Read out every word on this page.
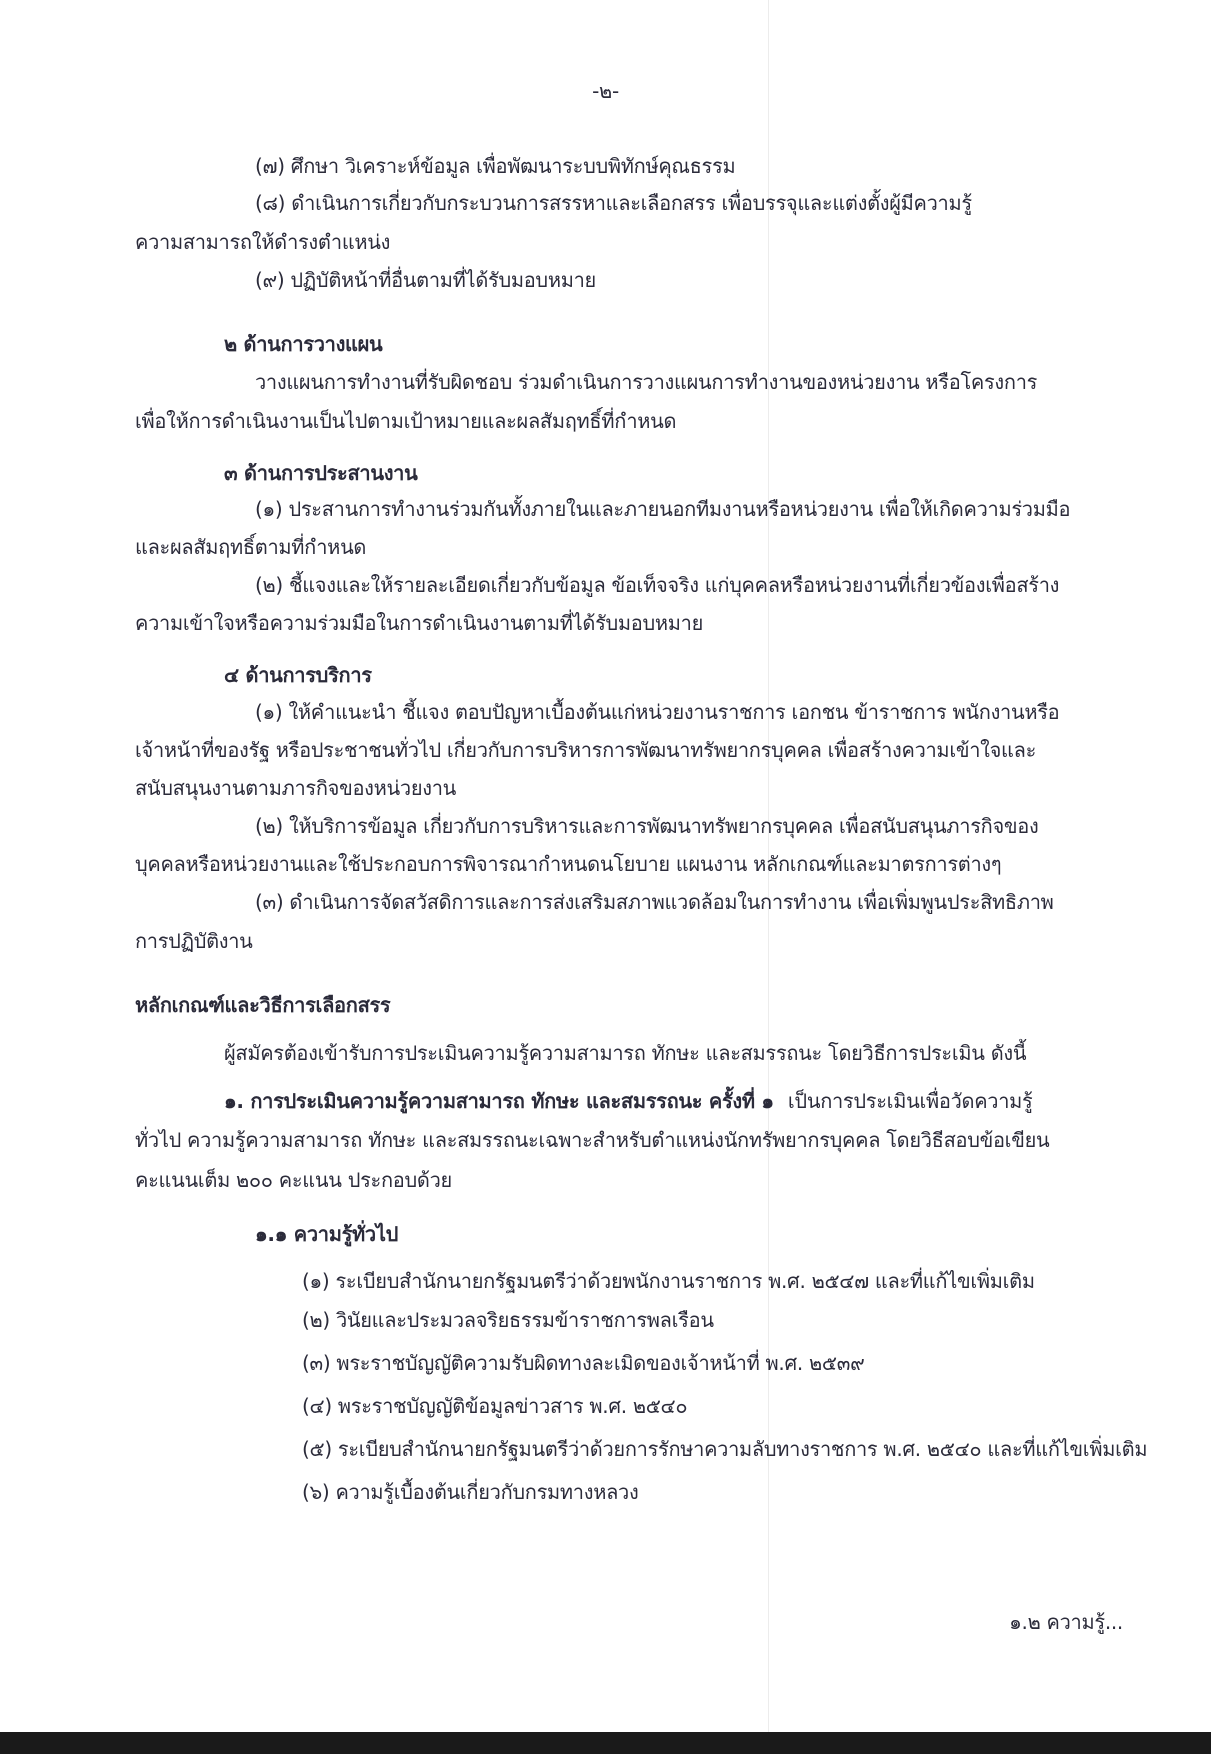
-๒-
(๗) ศึกษา วิเคราะห์ข้อมูล เพื่อพัฒนาระบบพิทักษ์คุณธรรม
(๘) ดำเนินการเกี่ยวกับกระบวนการสรรหาและเลือกสรร เพื่อบรรจุและแต่งตั้งผู้มีความรู้
ความสามารถให้ดำรงตำแหน่ง
(๙) ปฏิบัติหน้าที่อื่นตามที่ได้รับมอบหมาย
๒ ด้านการวางแผน
วางแผนการทำงานที่รับผิดชอบ ร่วมดำเนินการวางแผนการทำงานของหน่วยงาน หรือโครงการ
เพื่อให้การดำเนินงานเป็นไปตามเป้าหมายและผลสัมฤทธิ์ที่กำหนด
๓ ด้านการประสานงาน
(๑) ประสานการทำงานร่วมกันทั้งภายในและภายนอกทีมงานหรือหน่วยงาน เพื่อให้เกิดความร่วมมือ
และผลสัมฤทธิ์ตามที่กำหนด
(๒) ชี้แจงและให้รายละเอียดเกี่ยวกับข้อมูล ข้อเท็จจริง แก่บุคคลหรือหน่วยงานที่เกี่ยวข้องเพื่อสร้าง
ความเข้าใจหรือความร่วมมือในการดำเนินงานตามที่ได้รับมอบหมาย
๔ ด้านการบริการ
(๑) ให้คำแนะนำ ชี้แจง ตอบปัญหาเบื้องต้นแก่หน่วยงานราชการ เอกชน ข้าราชการ พนักงานหรือ
เจ้าหน้าที่ของรัฐ หรือประชาชนทั่วไป เกี่ยวกับการบริหารการพัฒนาทรัพยากรบุคคล เพื่อสร้างความเข้าใจและ
สนับสนุนงานตามภารกิจของหน่วยงาน
(๒) ให้บริการข้อมูล เกี่ยวกับการบริหารและการพัฒนาทรัพยากรบุคคล เพื่อสนับสนุนภารกิจของ
บุคคลหรือหน่วยงานและใช้ประกอบการพิจารณากำหนดนโยบาย แผนงาน หลักเกณฑ์และมาตรการต่างๆ
(๓) ดำเนินการจัดสวัสดิการและการส่งเสริมสภาพแวดล้อมในการทำงาน เพื่อเพิ่มพูนประสิทธิภาพ
การปฏิบัติงาน
หลักเกณฑ์และวิธีการเลือกสรร
ผู้สมัครต้องเข้ารับการประเมินความรู้ความสามารถ ทักษะ และสมรรถนะ โดยวิธีการประเมิน ดังนี้
๑. การประเมินความรู้ความสามารถ ทักษะ และสมรรถนะ ครั้งที่ ๑ เป็นการประเมินเพื่อวัดความรู้
ทั่วไป ความรู้ความสามารถ ทักษะ และสมรรถนะเฉพาะสำหรับตำแหน่งนักทรัพยากรบุคคล โดยวิธีสอบข้อเขียน
คะแนนเต็ม ๒๐๐ คะแนน ประกอบด้วย
๑.๑ ความรู้ทั่วไป
(๑) ระเบียบสำนักนายกรัฐมนตรีว่าด้วยพนักงานราชการ พ.ศ. ๒๕๔๗ และที่แก้ไขเพิ่มเติม
(๒) วินัยและประมวลจริยธรรมข้าราชการพลเรือน
(๓) พระราชบัญญัติความรับผิดทางละเมิดของเจ้าหน้าที่ พ.ศ. ๒๕๓๙
(๔) พระราชบัญญัติข้อมูลข่าวสาร พ.ศ. ๒๕๔๐
(๕) ระเบียบสำนักนายกรัฐมนตรีว่าด้วยการรักษาความลับทางราชการ พ.ศ. ๒๕๔๐ และที่แก้ไขเพิ่มเติม
(๖) ความรู้เบื้องต้นเกี่ยวกับกรมทางหลวง
๑.๒ ความรู้...
